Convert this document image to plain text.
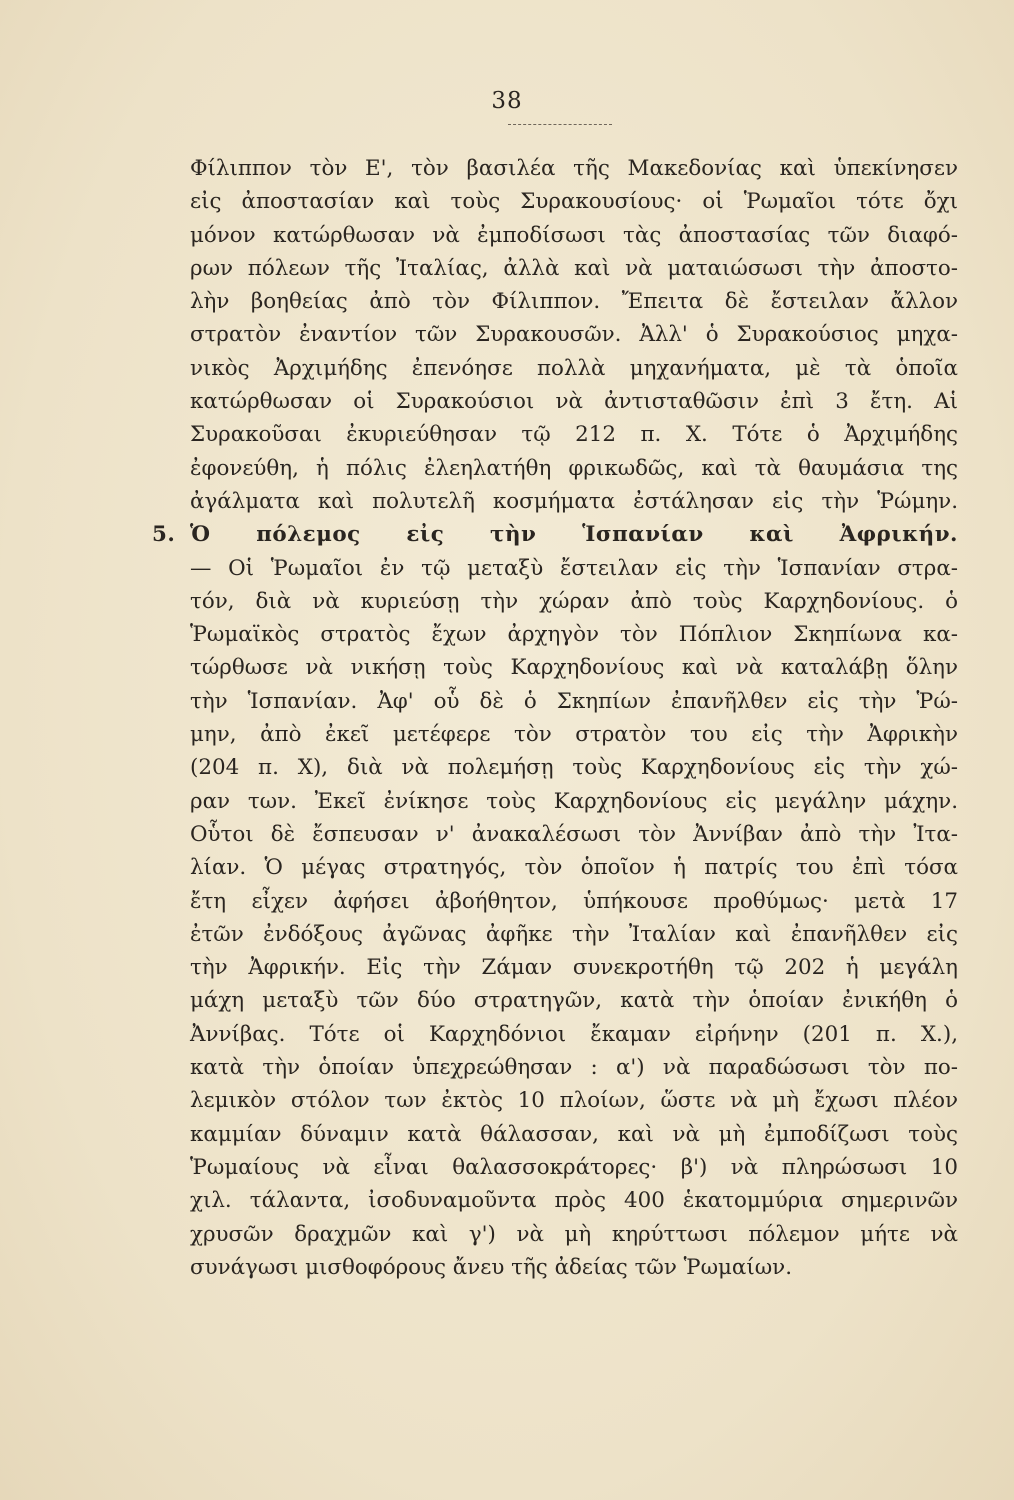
38
Φίλιππον τὸν Ε', τὸν βασιλέα τῆς Μακεδονίας καὶ ὑπεκίνησεν
εἰς ἀποστασίαν καὶ τοὺς Συρακουσίους· οἱ Ῥωμαῖοι τότε ὄχι
μόνον κατώρθωσαν νὰ ἐμποδίσωσι τὰς ἀποστασίας τῶν διαφό-
ρων πόλεων τῆς Ἰταλίας, ἀλλὰ καὶ νὰ ματαιώσωσι τὴν ἀποστο-
λὴν βοηθείας ἀπὸ τὸν Φίλιππον. Ἔπειτα δὲ ἔστειλαν ἄλλον
στρατὸν ἐναντίον τῶν Συρακουσῶν. Ἀλλ' ὁ Συρακούσιος μηχα-
νικὸς Ἀρχιμήδης ἐπενόησε πολλὰ μηχανήματα, μὲ τὰ ὁποῖα
κατώρθωσαν οἱ Συρακούσιοι νὰ ἀντισταθῶσιν ἐπὶ 3 ἔτη. Αἱ
Συρακοῦσαι ἐκυριεύθησαν τῷ 212 π. Χ. Τότε ὁ Ἀρχιμήδης
ἐφονεύθη, ἡ πόλις ἐλεηλατήθη φρικωδῶς, καὶ τὰ θαυμάσια της
ἀγάλματα καὶ πολυτελῆ κοσμήματα ἐστάλησαν εἰς τὴν Ῥώμην.
5. Ὁ πόλεμος εἰς τὴν Ἱσπανίαν καὶ Ἀφρικήν.
— Οἱ Ῥωμαῖοι ἐν τῷ μεταξὺ ἔστειλαν εἰς τὴν Ἱσπανίαν στρα-
τόν, διὰ νὰ κυριεύσῃ τὴν χώραν ἀπὸ τοὺς Καρχηδονίους. ὁ
Ῥωμαϊκὸς στρατὸς ἔχων ἀρχηγὸν τὸν Πόπλιον Σκηπίωνα κα-
τώρθωσε νὰ νικήσῃ τοὺς Καρχηδονίους καὶ νὰ καταλάβῃ ὅλην
τὴν Ἱσπανίαν. Ἀφ' οὗ δὲ ὁ Σκηπίων ἐπανῆλθεν εἰς τὴν Ῥώ-
μην, ἀπὸ ἐκεῖ μετέφερε τὸν στρατὸν του εἰς τὴν Ἀφρικὴν
(204 π. Χ), διὰ νὰ πολεμήσῃ τοὺς Καρχηδονίους εἰς τὴν χώ-
ραν των. Ἐκεῖ ἐνίκησε τοὺς Καρχηδονίους εἰς μεγάλην μάχην.
Οὗτοι δὲ ἔσπευσαν ν' ἀνακαλέσωσι τὸν Ἀννίβαν ἀπὸ τὴν Ἰτα-
λίαν. Ὁ μέγας στρατηγός, τὸν ὁποῖον ἡ πατρίς του ἐπὶ τόσα
ἔτη εἶχεν ἀφήσει ἀβοήθητον, ὑπήκουσε προθύμως· μετὰ 17
ἐτῶν ἐνδόξους ἀγῶνας ἀφῆκε τὴν Ἰταλίαν καὶ ἐπανῆλθεν εἰς
τὴν Ἀφρικήν. Εἰς τὴν Ζάμαν συνεκροτήθη τῷ 202 ἡ μεγάλη
μάχη μεταξὺ τῶν δύο στρατηγῶν, κατὰ τὴν ὁποίαν ἐνικήθη ὁ
Ἀννίβας. Τότε οἱ Καρχηδόνιοι ἔκαμαν εἰρήνην (201 π. Χ.),
κατὰ τὴν ὁποίαν ὑπεχρεώθησαν : α') νὰ παραδώσωσι τὸν πο-
λεμικὸν στόλον των ἐκτὸς 10 πλοίων, ὥστε νὰ μὴ ἔχωσι πλέον
καμμίαν δύναμιν κατὰ θάλασσαν, καὶ νὰ μὴ ἐμποδίζωσι τοὺς
Ῥωμαίους νὰ εἶναι θαλασσοκράτορες· β') νὰ πληρώσωσι 10
χιλ. τάλαντα, ἰσοδυναμοῦντα πρὸς 400 ἑκατομμύρια σημερινῶν
χρυσῶν δραχμῶν καὶ γ') νὰ μὴ κηρύττωσι πόλεμον μήτε νὰ
συνάγωσι μισθοφόρους ἄνευ τῆς ἀδείας τῶν Ῥωμαίων.
